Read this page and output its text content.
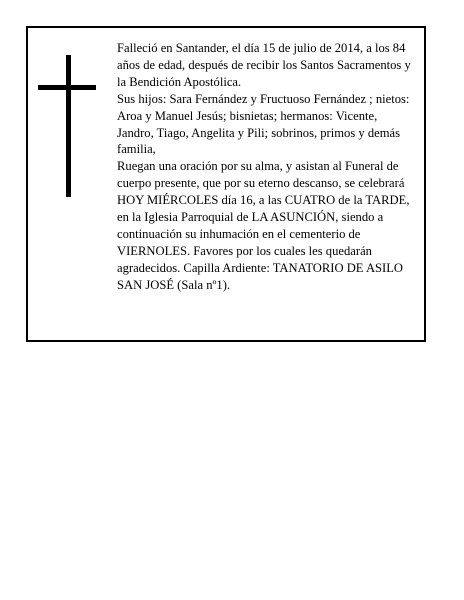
Falleció en Santander, el día 15 de julio de 2014, a los 84 años de edad, después de recibir los Santos Sacramentos y la Bendición Apostólica.

Sus hijos: Sara Fernández y Fructuoso Fernández ; nietos: Aroa y Manuel Jesús; bisnietas; hermanos: Vicente, Jandro, Tiago, Angelita y Pili; sobrinos, primos y demás familia,

Ruegan una oración por su alma, y asistan al Funeral de cuerpo presente, que por su eterno descanso, se celebrará HOY MIÉRCOLES día 16, a las CUATRO de la TARDE, en la Iglesia Parroquial de LA ASUNCIÓN, siendo a continuación su inhumación en el cementerio de VIERNOLES. Favores por los cuales les quedarán agradecidos. Capilla Ardiente: TANATORIO DE ASILO SAN JOSÉ (Sala nº1).
